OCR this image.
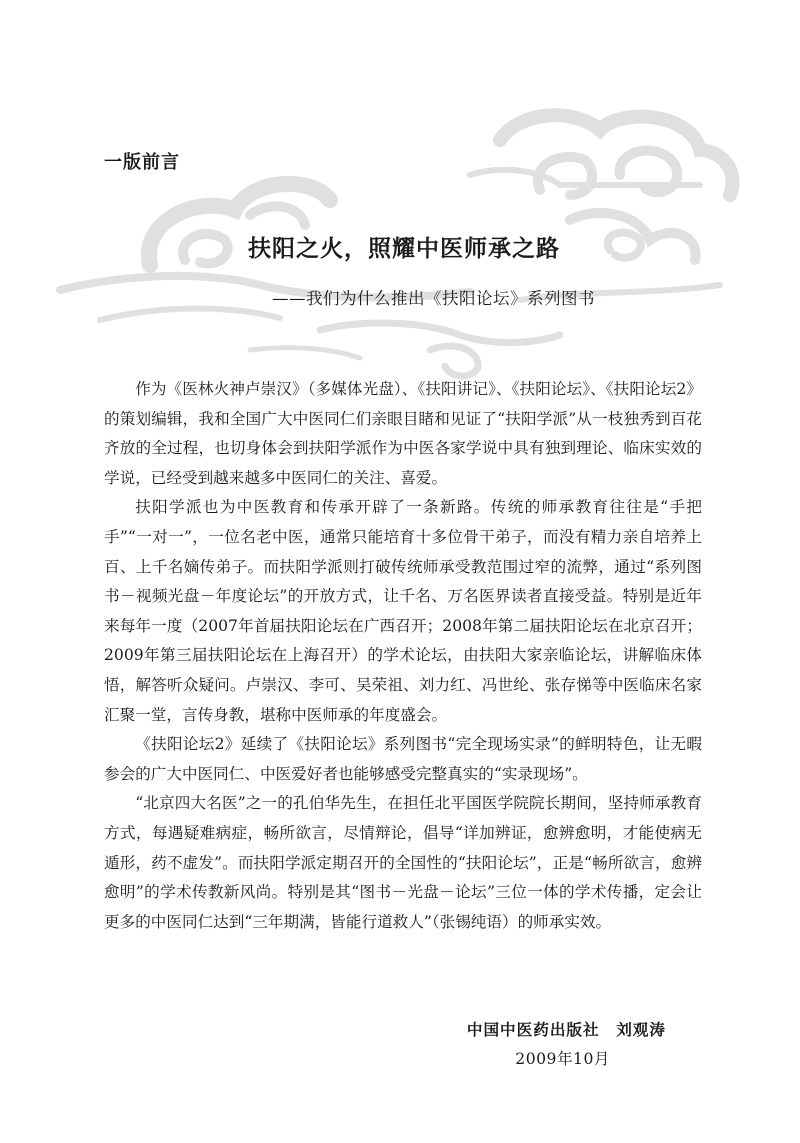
一版前言
扶阳之火，照耀中医师承之路

——我们为什么推出《扶阳论坛》系列图书

作为《医林火神卢崇汉》（多媒体光盘）、《扶阳讲记》、《扶阳论坛》、《扶阳论坛2》的策划编辑，我和全国广大中医同仁们亲眼目睹和见证了“扶阳学派”从一枝独秀到百花齐放的全过程，也切身体会到扶阳学派作为中医各家学说中具有独到理论、临床实效的学说，已经受到越来越多中医同仁的关注、喜爱。

扶阳学派也为中医教育和传承开辟了一条新路。传统的师承教育往往是“手把手”“一对一”，一位名老中医，通常只能培育十多位骨干弟子，而没有精力亲自培养上百、上千名嫡传弟子。而扶阳学派则打破传统师承受教范围过窄的流弊，通过“系列图书－视频光盘－年度论坛”的开放方式，让千名、万名医界读者直接受益。特别是近年来每年一度（2007年首届扶阳论坛在广西召开；2008年第二届扶阳论坛在北京召开；2009年第三届扶阳论坛在上海召开）的学术论坛，由扶阳大家亲临论坛，讲解临床体悟，解答听众疑问。卢崇汉、李可、吴荣祖、刘力红、冯世纶、张存悌等中医临床名家汇聚一堂，言传身教，堪称中医师承的年度盛会。

《扶阳论坛2》延续了《扶阳论坛》系列图书“完全现场实录”的鲜明特色，让无暇参会的广大中医同仁、中医爱好者也能够感受完整真实的“实录现场”。

“北京四大名医”之一的孔伯华先生，在担任北平国医学院院长期间，坚持师承教育方式，每遇疑难病症，畅所欲言，尽情辩论，倡导“详加辨证，愈辨愈明，才能使病无遁形，药不虚发”。而扶阳学派定期召开的全国性的“扶阳论坛”，正是“畅所欲言，愈辨愈明”的学术传教新风尚。特别是其“图书－光盘－论坛”三位一体的学术传播，定会让更多的中医同仁达到“三年期满，皆能行道救人”（张锡纯语）的师承实效。

中国中医药出版社　刘观涛

2009年10月
